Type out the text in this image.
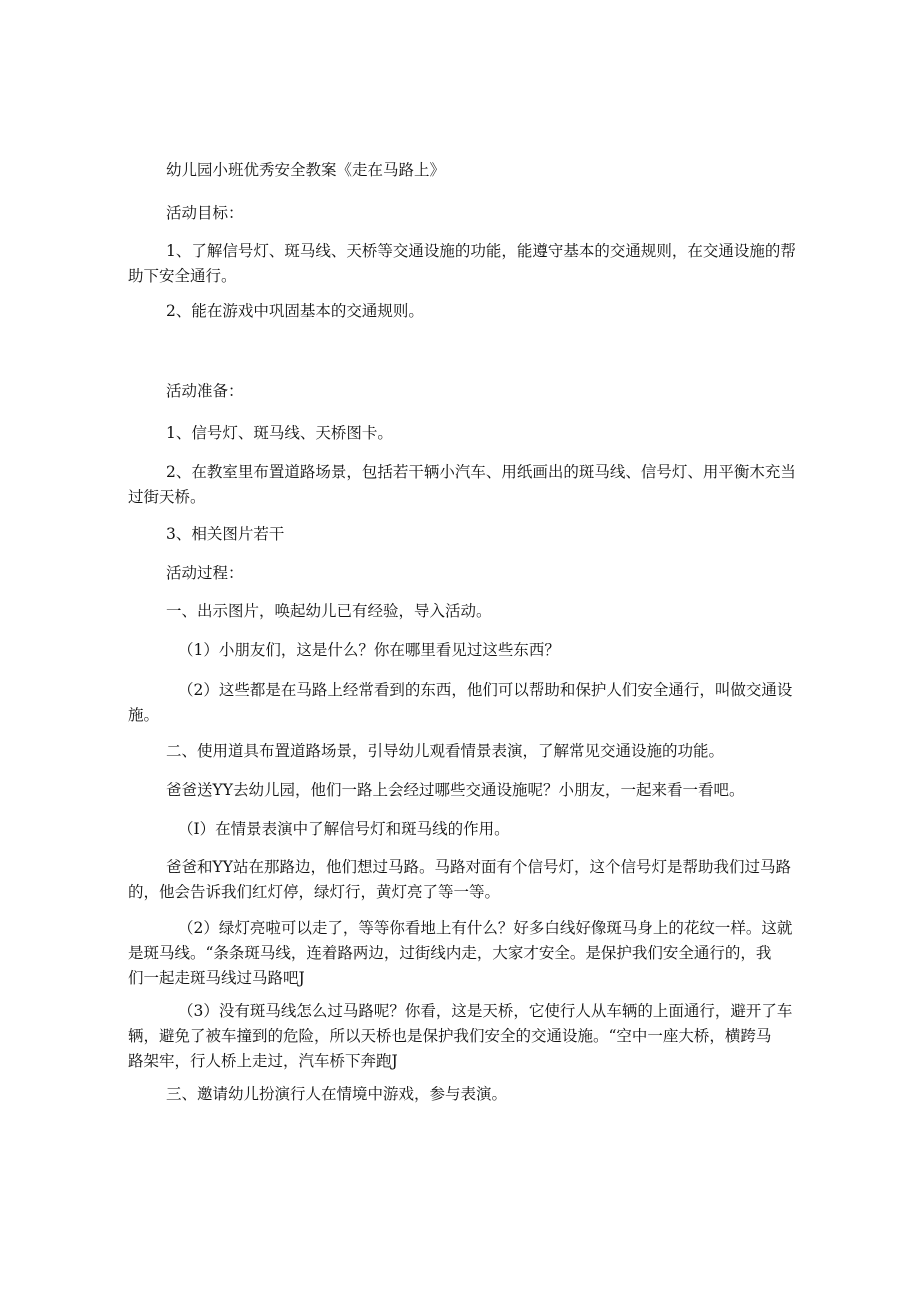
幼儿园小班优秀安全教案《走在马路上》

活动目标：

1、了解信号灯、斑马线、天桥等交通设施的功能，能遵守基本的交通规则，在交通设施的帮
助下安全通行。

2、能在游戏中巩固基本的交通规则。

活动准备：

1、信号灯、斑马线、天桥图卡。

2、在教室里布置道路场景，包括若干辆小汽车、用纸画出的斑马线、信号灯、用平衡木充当
过街天桥。

3、相关图片若干

活动过程：

一、出示图片，唤起幼儿已有经验，导入活动。

（1）小朋友们，这是什么？你在哪里看见过这些东西？

（2）这些都是在马路上经常看到的东西，他们可以帮助和保护人们安全通行，叫做交通设
施。

二、使用道具布置道路场景，引导幼儿观看情景表演，了解常见交通设施的功能。

爸爸送YY去幼儿园，他们一路上会经过哪些交通设施呢？小朋友，一起来看一看吧。

（I）在情景表演中了解信号灯和斑马线的作用。

爸爸和YY站在那路边，他们想过马路。马路对面有个信号灯，这个信号灯是帮助我们过马路
的，他会告诉我们红灯停，绿灯行，黄灯亮了等一等。

（2）绿灯亮啦可以走了，等等你看地上有什么？好多白线好像斑马身上的花纹一样。这就
是斑马线。“条条斑马线，连着路两边，过街线内走，大家才安全。是保护我们安全通行的，我
们一起走斑马线过马路吧J

（3）没有斑马线怎么过马路呢？你看，这是天桥，它使行人从车辆的上面通行，避开了车
辆，避免了被车撞到的危险，所以天桥也是保护我们安全的交通设施。“空中一座大桥，横跨马
路架牢，行人桥上走过，汽车桥下奔跑J

三、邀请幼儿扮演行人在情境中游戏，参与表演。
